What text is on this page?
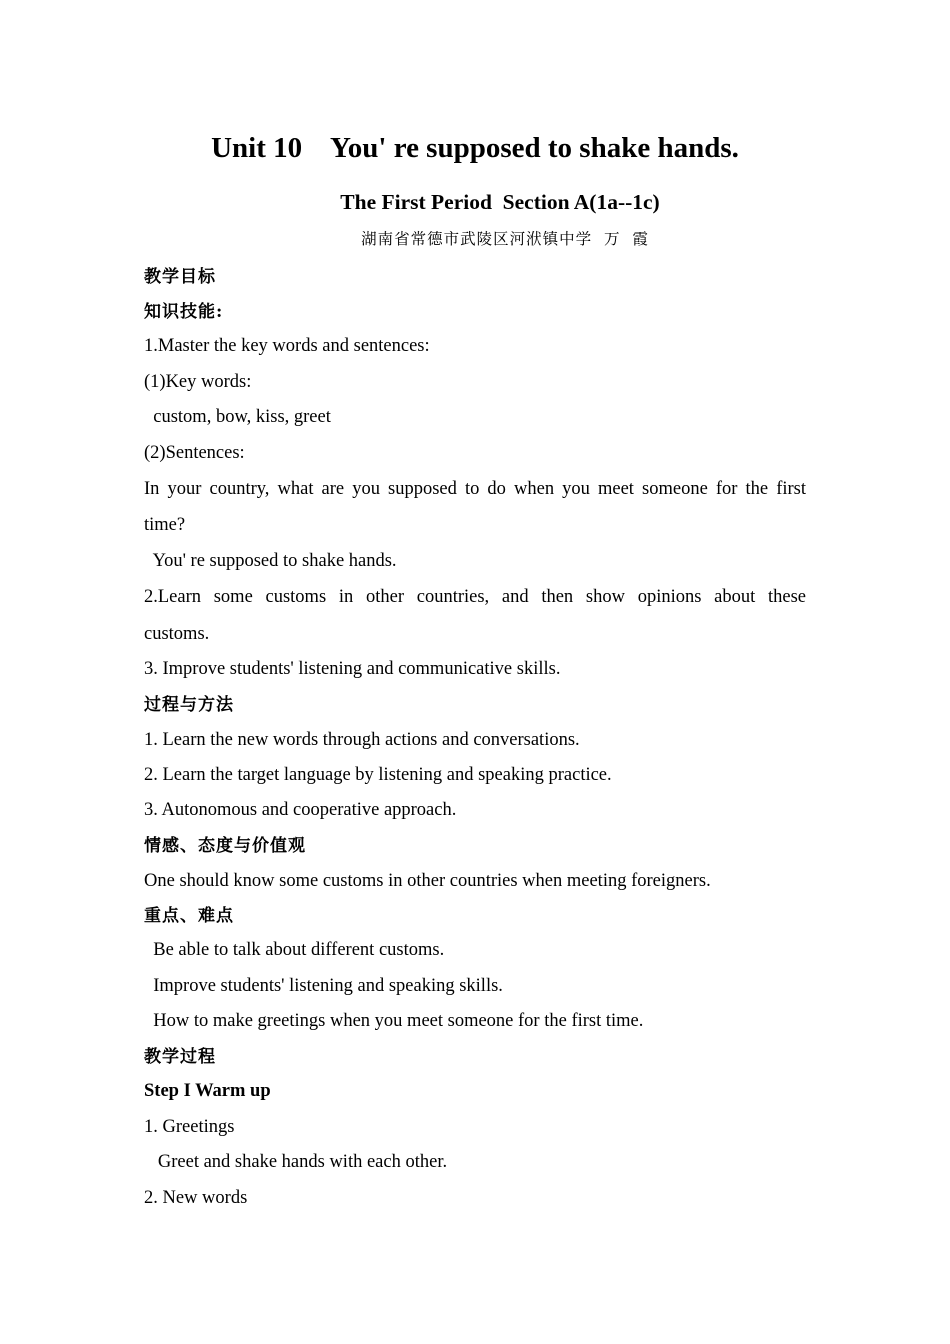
Unit 10    You' re supposed to shake hands.
The First Period  Section A(1a--1c)
湖南省常德市武陵区河洑镇中学  万  霞
教学目标
知识技能:
1.Master the key words and sentences:
(1)Key words:
custom, bow, kiss, greet
(2)Sentences:
In your country, what are you supposed to do when you meet someone for the first
time?
You' re supposed to shake hands.
2.Learn some customs in other countries, and then show opinions about these
customs.
3. Improve students' listening and communicative skills.
过程与方法
1. Learn the new words through actions and conversations.
2. Learn the target language by listening and speaking practice.
3. Autonomous and cooperative approach.
情感、态度与价值观
One should know some customs in other countries when meeting foreigners.
重点、难点
Be able to talk about different customs.
Improve students' listening and speaking skills.
How to make greetings when you meet someone for the first time.
教学过程
Step I Warm up
1. Greetings
Greet and shake hands with each other.
2. New words
